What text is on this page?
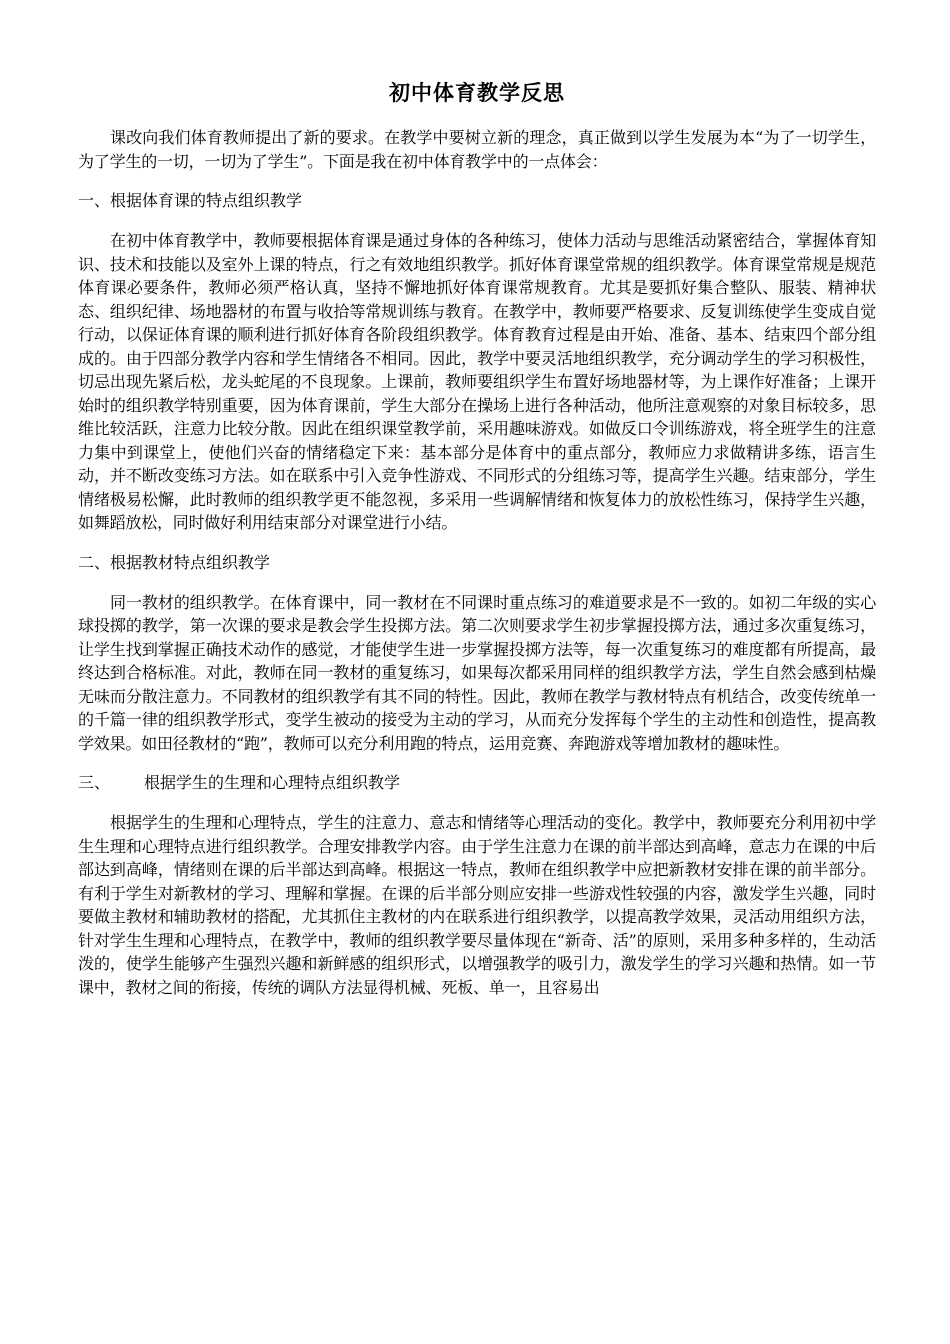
初中体育教学反思

课改向我们体育教师提出了新的要求。在教学中要树立新的理念，真正做到以学生发展为本“为了一切学生，为了学生的一切，一切为了学生”。下面是我在初中体育教学中的一点体会：

一、根据体育课的特点组织教学

在初中体育教学中，教师要根据体育课是通过身体的各种练习，使体力活动与思维活动紧密结合，掌握体育知识、技术和技能以及室外上课的特点，行之有效地组织教学。抓好体育课堂常规的组织教学。体育课堂常规是规范体育课必要条件，教师必须严格认真，坚持不懈地抓好体育课常规教育。尤其是要抓好集合整队、服装、精神状态、组织纪律、场地器材的布置与收拾等常规训练与教育。在教学中，教师要严格要求、反复训练使学生变成自觉行动，以保证体育课的顺利进行抓好体育各阶段组织教学。体育教育过程是由开始、准备、基本、结束四个部分组成的。由于四部分教学内容和学生情绪各不相同。因此，教学中要灵活地组织教学，充分调动学生的学习积极性，切忌出现先紧后松，龙头蛇尾的不良现象。上课前，教师要组织学生布置好场地器材等，为上课作好准备；上课开始时的组织教学特别重要，因为体育课前，学生大部分在操场上进行各种活动，他所注意观察的对象目标较多，思维比较活跃，注意力比较分散。因此在组织课堂教学前，采用趣味游戏。如做反口令训练游戏，将全班学生的注意力集中到课堂上，使他们兴奋的情绪稳定下来：基本部分是体育中的重点部分，教师应力求做精讲多练，语言生动，并不断改变练习方法。如在联系中引入竞争性游戏、不同形式的分组练习等，提高学生兴趣。结束部分，学生情绪极易松懈，此时教师的组织教学更不能忽视，多采用一些调解情绪和恢复体力的放松性练习，保持学生兴趣，如舞蹈放松，同时做好利用结束部分对课堂进行小结。

二、根据教材特点组织教学

同一教材的组织教学。在体育课中，同一教材在不同课时重点练习的难道要求是不一致的。如初二年级的实心球投掷的教学，第一次课的要求是教会学生投掷方法。第二次则要求学生初步掌握投掷方法，通过多次重复练习，让学生找到掌握正确技术动作的感觉，才能使学生进一步掌握投掷方法等，每一次重复练习的难度都有所提高，最终达到合格标准。对此，教师在同一教材的重复练习，如果每次都采用同样的组织教学方法，学生自然会感到枯燥无味而分散注意力。不同教材的组织教学有其不同的特性。因此，教师在教学与教材特点有机结合，改变传统单一的千篇一律的组织教学形式，变学生被动的接受为主动的学习，从而充分发挥每个学生的主动性和创造性，提高教学效果。如田径教材的“跑”，教师可以充分利用跑的特点，运用竞赛、奔跑游戏等增加教材的趣味性。

三、 根据学生的生理和心理特点组织教学

根据学生的生理和心理特点，学生的注意力、意志和情绪等心理活动的变化。教学中，教师要充分利用初中学生生理和心理特点进行组织教学。合理安排教学内容。由于学生注意力在课的前半部达到高峰，意志力在课的中后部达到高峰，情绪则在课的后半部达到高峰。根据这一特点，教师在组织教学中应把新教材安排在课的前半部分。有利于学生对新教材的学习、理解和掌握。在课的后半部分则应安排一些游戏性较强的内容，激发学生兴趣，同时要做主教材和辅助教材的搭配，尤其抓住主教材的内在联系进行组织教学，以提高教学效果，灵活动用组织方法，针对学生生理和心理特点，在教学中，教师的组织教学要尽量体现在“新奇、活”的原则，采用多种多样的，生动活泼的，使学生能够产生强烈兴趣和新鲜感的组织形式，以增强教学的吸引力，激发学生的学习兴趣和热情。如一节课中，教材之间的衔接，传统的调队方法显得机械、死板、单一，且容易出
